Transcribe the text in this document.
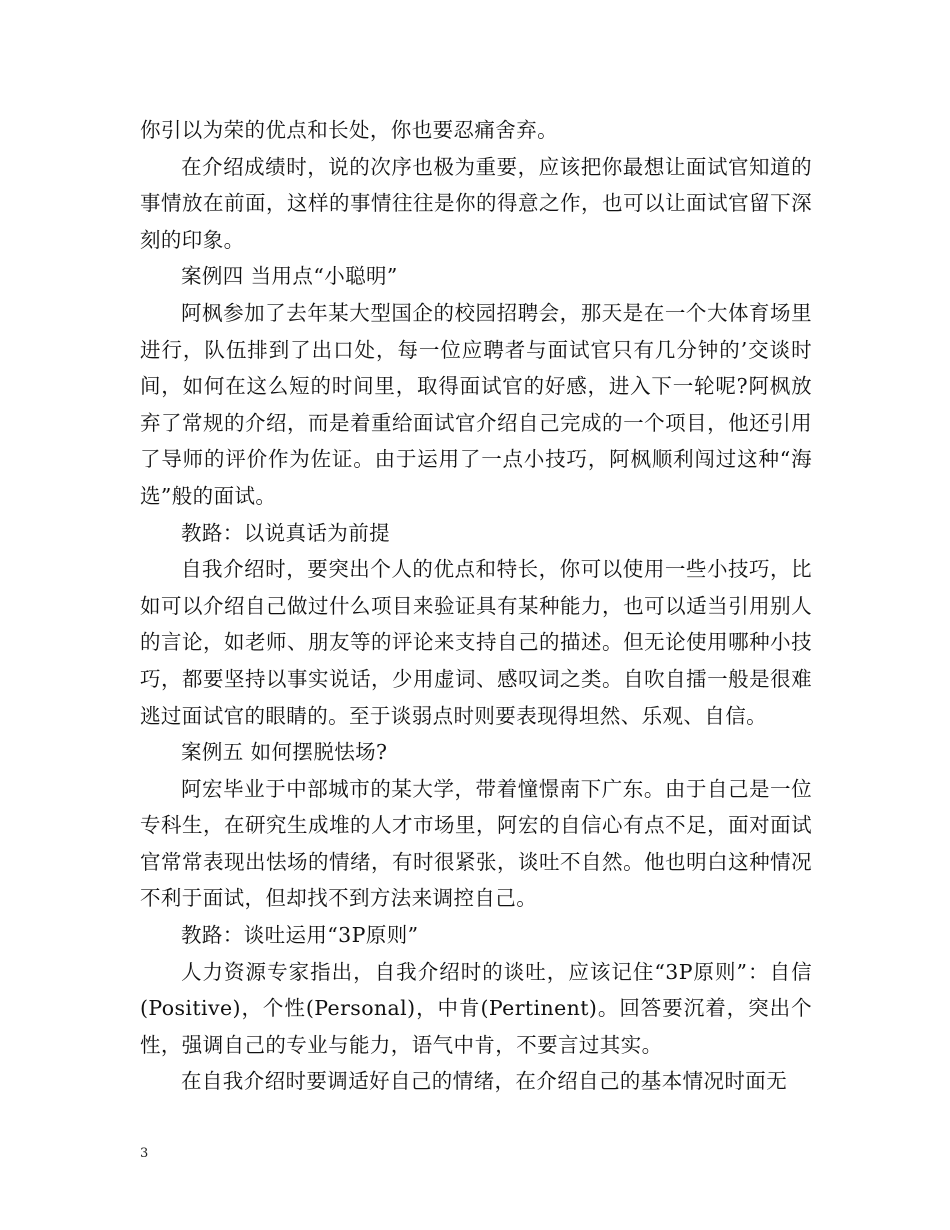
你引以为荣的优点和长处，你也要忍痛舍弃。

在介绍成绩时，说的次序也极为重要，应该把你最想让面试官知道的事情放在前面，这样的事情往往是你的得意之作，也可以让面试官留下深刻的印象。

案例四 当用点“小聪明”

阿枫参加了去年某大型国企的校园招聘会，那天是在一个大体育场里进行，队伍排到了出口处，每一位应聘者与面试官只有几分钟的’交谈时间，如何在这么短的时间里，取得面试官的好感，进入下一轮呢?阿枫放弃了常规的介绍，而是着重给面试官介绍自己完成的一个项目，他还引用了导师的评价作为佐证。由于运用了一点小技巧，阿枫顺利闯过这种“海选”般的面试。

教路：以说真话为前提

自我介绍时，要突出个人的优点和特长，你可以使用一些小技巧，比如可以介绍自己做过什么项目来验证具有某种能力，也可以适当引用别人的言论，如老师、朋友等的评论来支持自己的描述。但无论使用哪种小技巧，都要坚持以事实说话，少用虚词、感叹词之类。自吹自擂一般是很难逃过面试官的眼睛的。至于谈弱点时则要表现得坦然、乐观、自信。

案例五 如何摆脱怯场?

阿宏毕业于中部城市的某大学，带着憧憬南下广东。由于自己是一位专科生，在研究生成堆的人才市场里，阿宏的自信心有点不足，面对面试官常常表现出怯场的情绪，有时很紧张，谈吐不自然。他也明白这种情况不利于面试，但却找不到方法来调控自己。

教路：谈吐运用“3P原则”

人力资源专家指出，自我介绍时的谈吐，应该记住“3P原则”：自信(Positive)，个性(Personal)，中肯(Pertinent)。回答要沉着，突出个性，强调自己的专业与能力，语气中肯，不要言过其实。

在自我介绍时要调适好自己的情绪，在介绍自己的基本情况时面无

3
